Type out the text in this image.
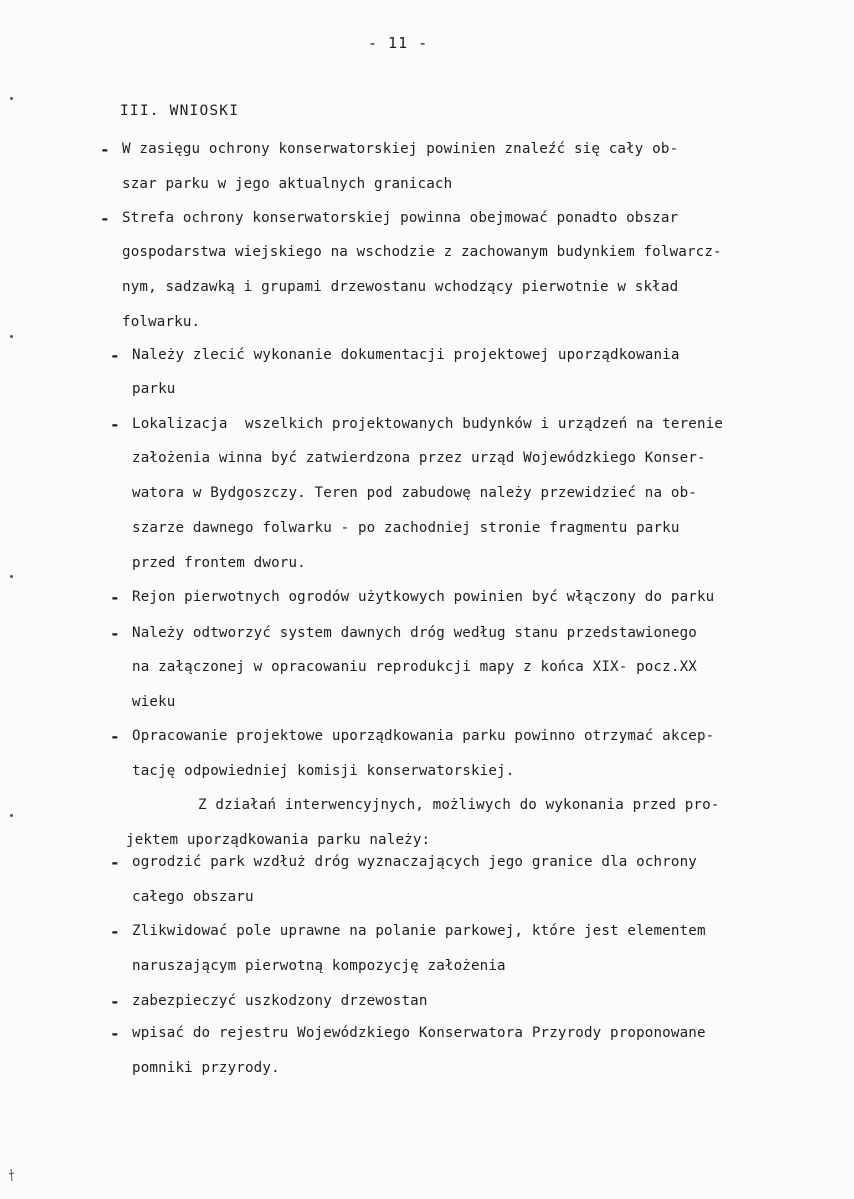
- 11 -
III. WNIOSKI
-
-
-
-
-
-
-
-
-
-
-
W zasięgu ochrony konserwatorskiej powinien znaleźć się cały ob-
szar parku w jego aktualnych granicach
Strefa ochrony konserwatorskiej powinna obejmować ponadto obszar
gospodarstwa wiejskiego na wschodzie z zachowanym budynkiem folwarcz-
nym, sadzawką i grupami drzewostanu wchodzący pierwotnie w skład
folwarku.
Należy zlecić wykonanie dokumentacji projektowej uporządkowania
parku
Lokalizacja  wszelkich projektowanych budynków i urządzeń na terenie
założenia winna być zatwierdzona przez urząd Wojewódzkiego Konser-
watora w Bydgoszczy. Teren pod zabudowę należy przewidzieć na ob-
szarze dawnego folwarku - po zachodniej stronie fragmentu parku
przed frontem dworu.
Rejon pierwotnych ogrodów użytkowych powinien być włączony do parku
Należy odtworzyć system dawnych dróg według stanu przedstawionego
na załączonej w opracowaniu reprodukcji mapy z końca XIX- pocz.XX
wieku
Opracowanie projektowe uporządkowania parku powinno otrzymać akcep-
tację odpowiedniej komisji konserwatorskiej.
Z działań interwencyjnych, możliwych do wykonania przed pro-
jektem uporządkowania parku należy:
ogrodzić park wzdłuż dróg wyznaczających jego granice dla ochrony
całego obszaru
Zlikwidować pole uprawne na polanie parkowej, które jest elementem
naruszającym pierwotną kompozycję założenia
zabezpieczyć uszkodzony drzewostan
wpisać do rejestru Wojewódzkiego Konserwatora Przyrody proponowane
pomniki przyrody.
